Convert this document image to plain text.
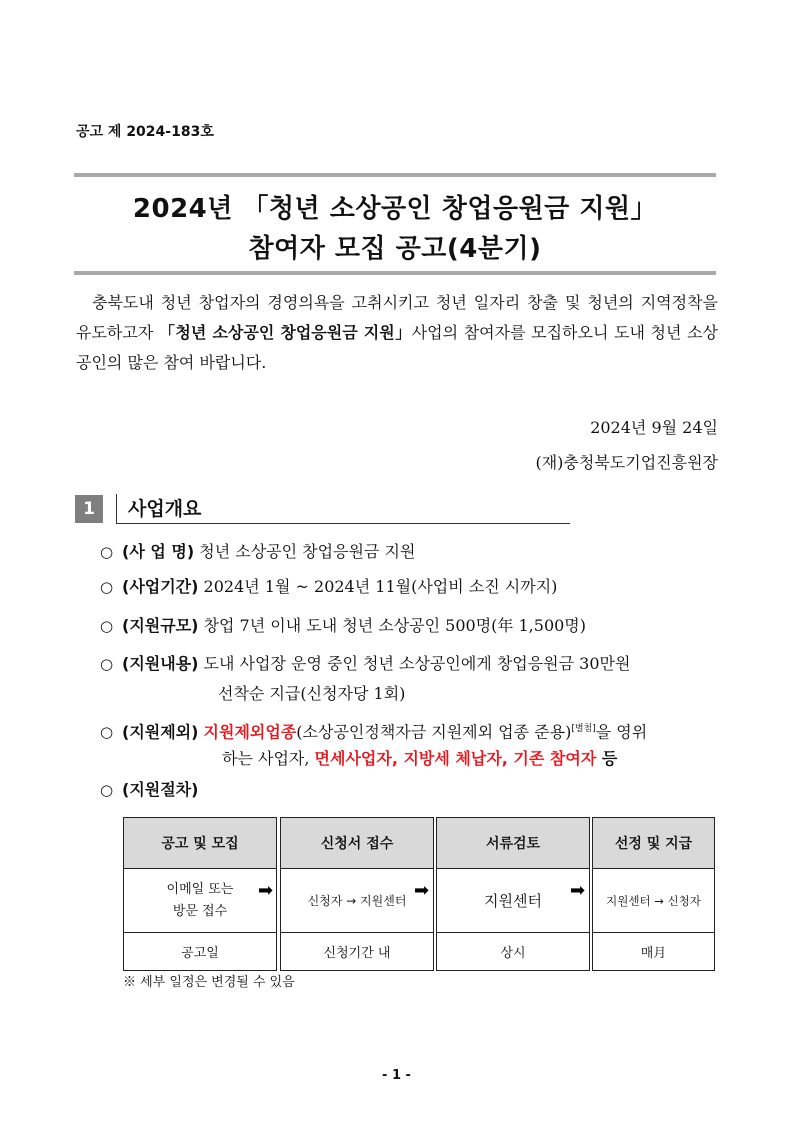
공고 제 2024-183호
2024년 「청년 소상공인 창업응원금 지원」
참여자 모집 공고(4분기)
충북도내 청년 창업자의 경영의욕을 고취시키고 청년 일자리 창출 및 청년의 지역정착을 유도하고자 「청년 소상공인 창업응원금 지원」사업의 참여자를 모집하오니 도내 청년 소상공인의 많은 참여 바랍니다.
2024년 9월 24일
(재)충청북도기업진흥원장
1	사업개요
○ (사 업 명) 청년 소상공인 창업응원금 지원
○ (사업기간) 2024년 1월 ~ 2024년 11월(사업비 소진 시까지)
○ (지원규모) 창업 7년 이내 도내 청년 소상공인 500명(年 1,500명)
○ (지원내용) 도내 사업장 운영 중인 청년 소상공인에게 창업응원금 30만원
선착순 지급(신청자당 1회)
○ (지원제외) 지원제외업종(소상공인정책자금 지원제외 업종 준용)[별첨]을 영위
하는 사업자, 면세사업자, 지방세 체납자, 기존 참여자 등
○ (지원절차)
공고 및 모집
이메일 또는
방문 접수
공고일
➡
신청서 접수
신청자 → 지원센터
신청기간 내
➡
서류검토
지원센터
상시
➡
선정 및 지급
지원센터 → 신청자
매月
※ 세부 일정은 변경될 수 있음
- 1 -
